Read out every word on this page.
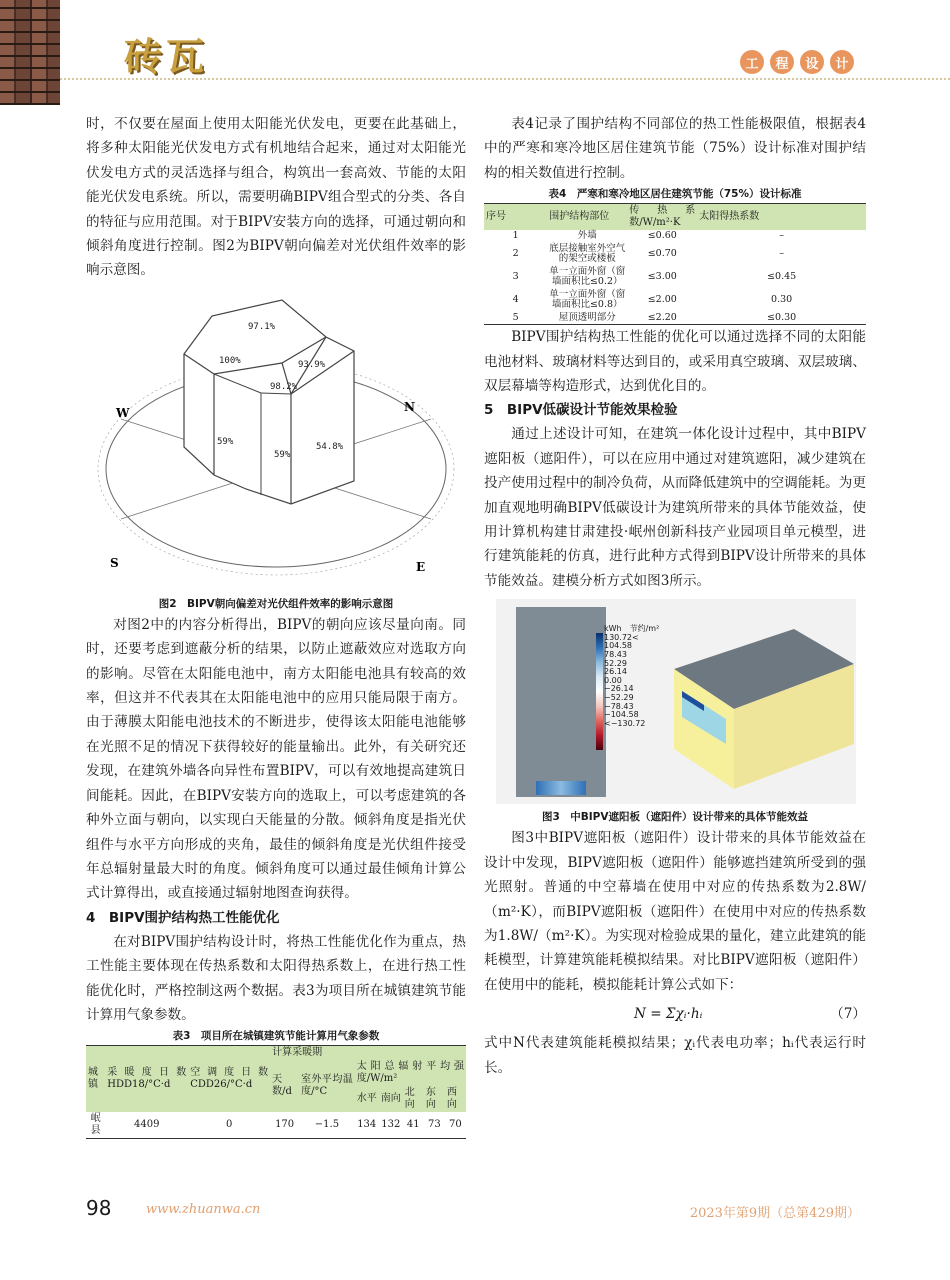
砖瓦	工	程	设	计

时，不仅要在屋面上使用太阳能光伏发电，更要在此基础上，将多种太阳能光伏发电方式有机地结合起来，通过对太阳能光伏发电方式的灵活选择与组合，构筑出一套高效、节能的太阳能光伏发电系统。所以，需要明确BIPV组合型式的分类、各自的特征与应用范围。对于BIPV安装方向的选择，可通过朝向和倾斜角度进行控制。图2为BIPV朝向偏差对光伏组件效率的影响示意图。

97.1%
100%	93.9%
98.2%
59%
59%
54.8%
W	N
S	E
图2　BIPV朝向偏差对光伏组件效率的影响示意图

对图2中的内容分析得出，BIPV的朝向应该尽量向南。同时，还要考虑到遮蔽分析的结果，以防止遮蔽效应对选取方向的影响。尽管在太阳能电池中，南方太阳能电池具有较高的效率，但这并不代表其在太阳能电池中的应用只能局限于南方。由于薄膜太阳能电池技术的不断进步，使得该太阳能电池能够在光照不足的情况下获得较好的能量输出。此外，有关研究还发现，在建筑外墙各向异性布置BIPV，可以有效地提高建筑日间能耗。因此，在BIPV安装方向的选取上，可以考虑建筑的各种外立面与朝向，以实现白天能量的分散。倾斜角度是指光伏组件与水平方向形成的夹角，最佳的倾斜角度是光伏组件接受年总辐射量最大时的角度。倾斜角度可以通过最佳倾角计算公式计算得出，或直接通过辐射地图查询获得。

4　BIPV围护结构热工性能优化

在对BIPV围护结构设计时，将热工性能优化作为重点，热工性能主要体现在传热系数和太阳得热系数上，在进行热工性能优化时，严格控制这两个数据。表3为项目所在城镇建筑节能计算用气象参数。

表3　项目所在城镇建筑节能计算用气象参数
城镇	采暖度日数HDD18/°C·d	空调度日数CDD26/°C·d	计算采暖期						
			天数/d	室外平均温度/°C	太阳总辐射平均强度/W/m²				
					水平	南向	北向	东向	西向
岷县	4409	0	170	−1.5	134	132	41	73	70

表4记录了围护结构不同部位的热工性能极限值，根据表4中的严寒和寒冷地区居住建筑节能（75%）设计标准对围护结构的相关数值进行控制。

表4　严寒和寒冷地区居住建筑节能（75%）设计标准
序号	围护结构部位	传热系数/W/m²·K	太阳得热系数
1	外墙	≤0.60	–
2	底层接触室外空气的架空或楼板	≤0.70	–
3	单一立面外窗（窗墙面积比≤0.2）	≤3.00	≤0.45
4	单一立面外窗（窗墙面积比≤0.8）	≤2.00	0.30
5	屋顶透明部分	≤2.20	≤0.30

BIPV围护结构热工性能的优化可以通过选择不同的太阳能电池材料、玻璃材料等达到目的，或采用真空玻璃、双层玻璃、双层幕墙等构造形式，达到优化目的。

5　BIPV低碳设计节能效果检验

通过上述设计可知，在建筑一体化设计过程中，其中BIPV遮阳板（遮阳件），可以在应用中通过对建筑遮阳，减少建筑在投产使用过程中的制冷负荷，从而降低建筑中的空调能耗。为更加直观地明确BIPV低碳设计为建筑所带来的具体节能效益，使用计算机构建甘肃建投·岷州创新科技产业园项目单元模型，进行建筑能耗的仿真，进行此种方式得到BIPV设计所带来的具体节能效益。建模分析方式如图3所示。

kWh　节约/m²
130.72<
104.58
78.43
52.29
26.14
0.00
−26.14
−52.29
−78.43
−104.58
<−130.72
图3　中BIPV遮阳板（遮阳件）设计带来的具体节能效益

图3中BIPV遮阳板（遮阳件）设计带来的具体节能效益在设计中发现，BIPV遮阳板（遮阳件）能够遮挡建筑所受到的强光照射。普通的中空幕墙在使用中对应的传热系数为2.8W/（m²·K），而BIPV遮阳板（遮阳件）在使用中对应的传热系数为1.8W/（m²·K）。为实现对检验成果的量化，建立此建筑的能耗模型，计算建筑能耗模拟结果。对比BIPV遮阳板（遮阳件）在使用中的能耗，模拟能耗计算公式如下：

N = Σχᵢ·hᵢ	（7）

式中N代表建筑能耗模拟结果；χᵢ代表电功率；hᵢ代表运行时长。

98	www.zhuanwa.cn	2023年第9期（总第429期）
